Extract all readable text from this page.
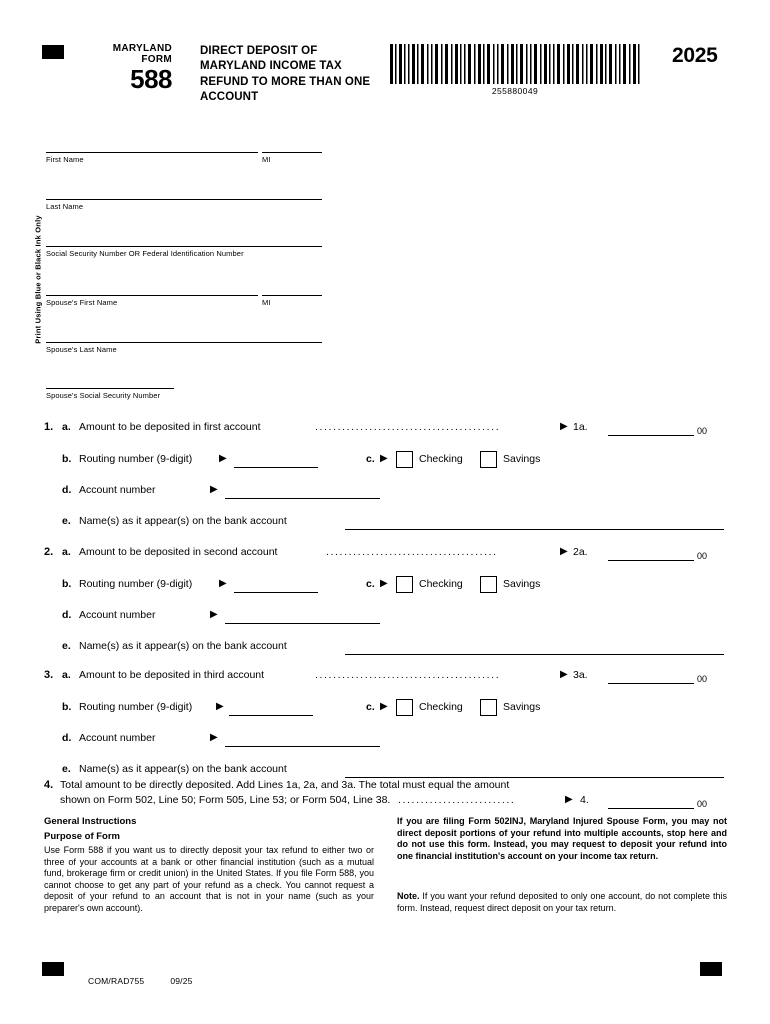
MARYLAND
FORM
588
DIRECT DEPOSIT OF MARYLAND INCOME TAX REFUND TO MORE THAN ONE ACCOUNT	255880049
2025
Print Using Blue or Black Ink Only
First Name	MI
Last Name
Social Security Number OR Federal Identification Number
Spouse's First Name	MI
Spouse's Last Name
Spouse's Social Security Number
1. a. Amount to be deposited in first account	.........................................	▶ 1a.	00
b. Routing number (9-digit)	▶	c. ▶	Checking	Savings
d. Account number	▶
e. Name(s) as it appear(s) on the bank account
2. a. Amount to be deposited in second account	......................................	▶ 2a.	00
b. Routing number (9-digit)	▶	c. ▶	Checking	Savings
d. Account number	▶
e. Name(s) as it appear(s) on the bank account
3. a. Amount to be deposited in third account	.........................................	▶ 3a.	00
b. Routing number (9-digit) ▶	c. ▶	Checking	Savings
d. Account number	▶
e. Name(s) as it appear(s) on the bank account
4. Total amount to be directly deposited. Add Lines 1a, 2a, and 3a. The total must equal the amount
shown on Form 502, Line 50; Form 505, Line 53; or Form 504, Line 38. ..........................	▶ 4.	00
General Instructions
Purpose of Form
Use Form 588 if you want us to directly deposit your tax refund to either two or three of your accounts at a bank or other financial institution (such as a mutual fund, brokerage firm or credit union) in the United States. If you file Form 588, you cannot choose to get any part of your refund as a check. You cannot request a deposit of your refund to an account that is not in your name (such as your preparer's own account).
If you are filing Form 502INJ, Maryland Injured Spouse Form, you may not direct deposit portions of your refund into multiple accounts, stop here and do not use this form. Instead, you may request to deposit your refund into one financial institution's account on your income tax return.
Note. If you want your refund deposited to only one account, do not complete this form. Instead, request direct deposit on your tax return.
COM/RAD755	09/25
